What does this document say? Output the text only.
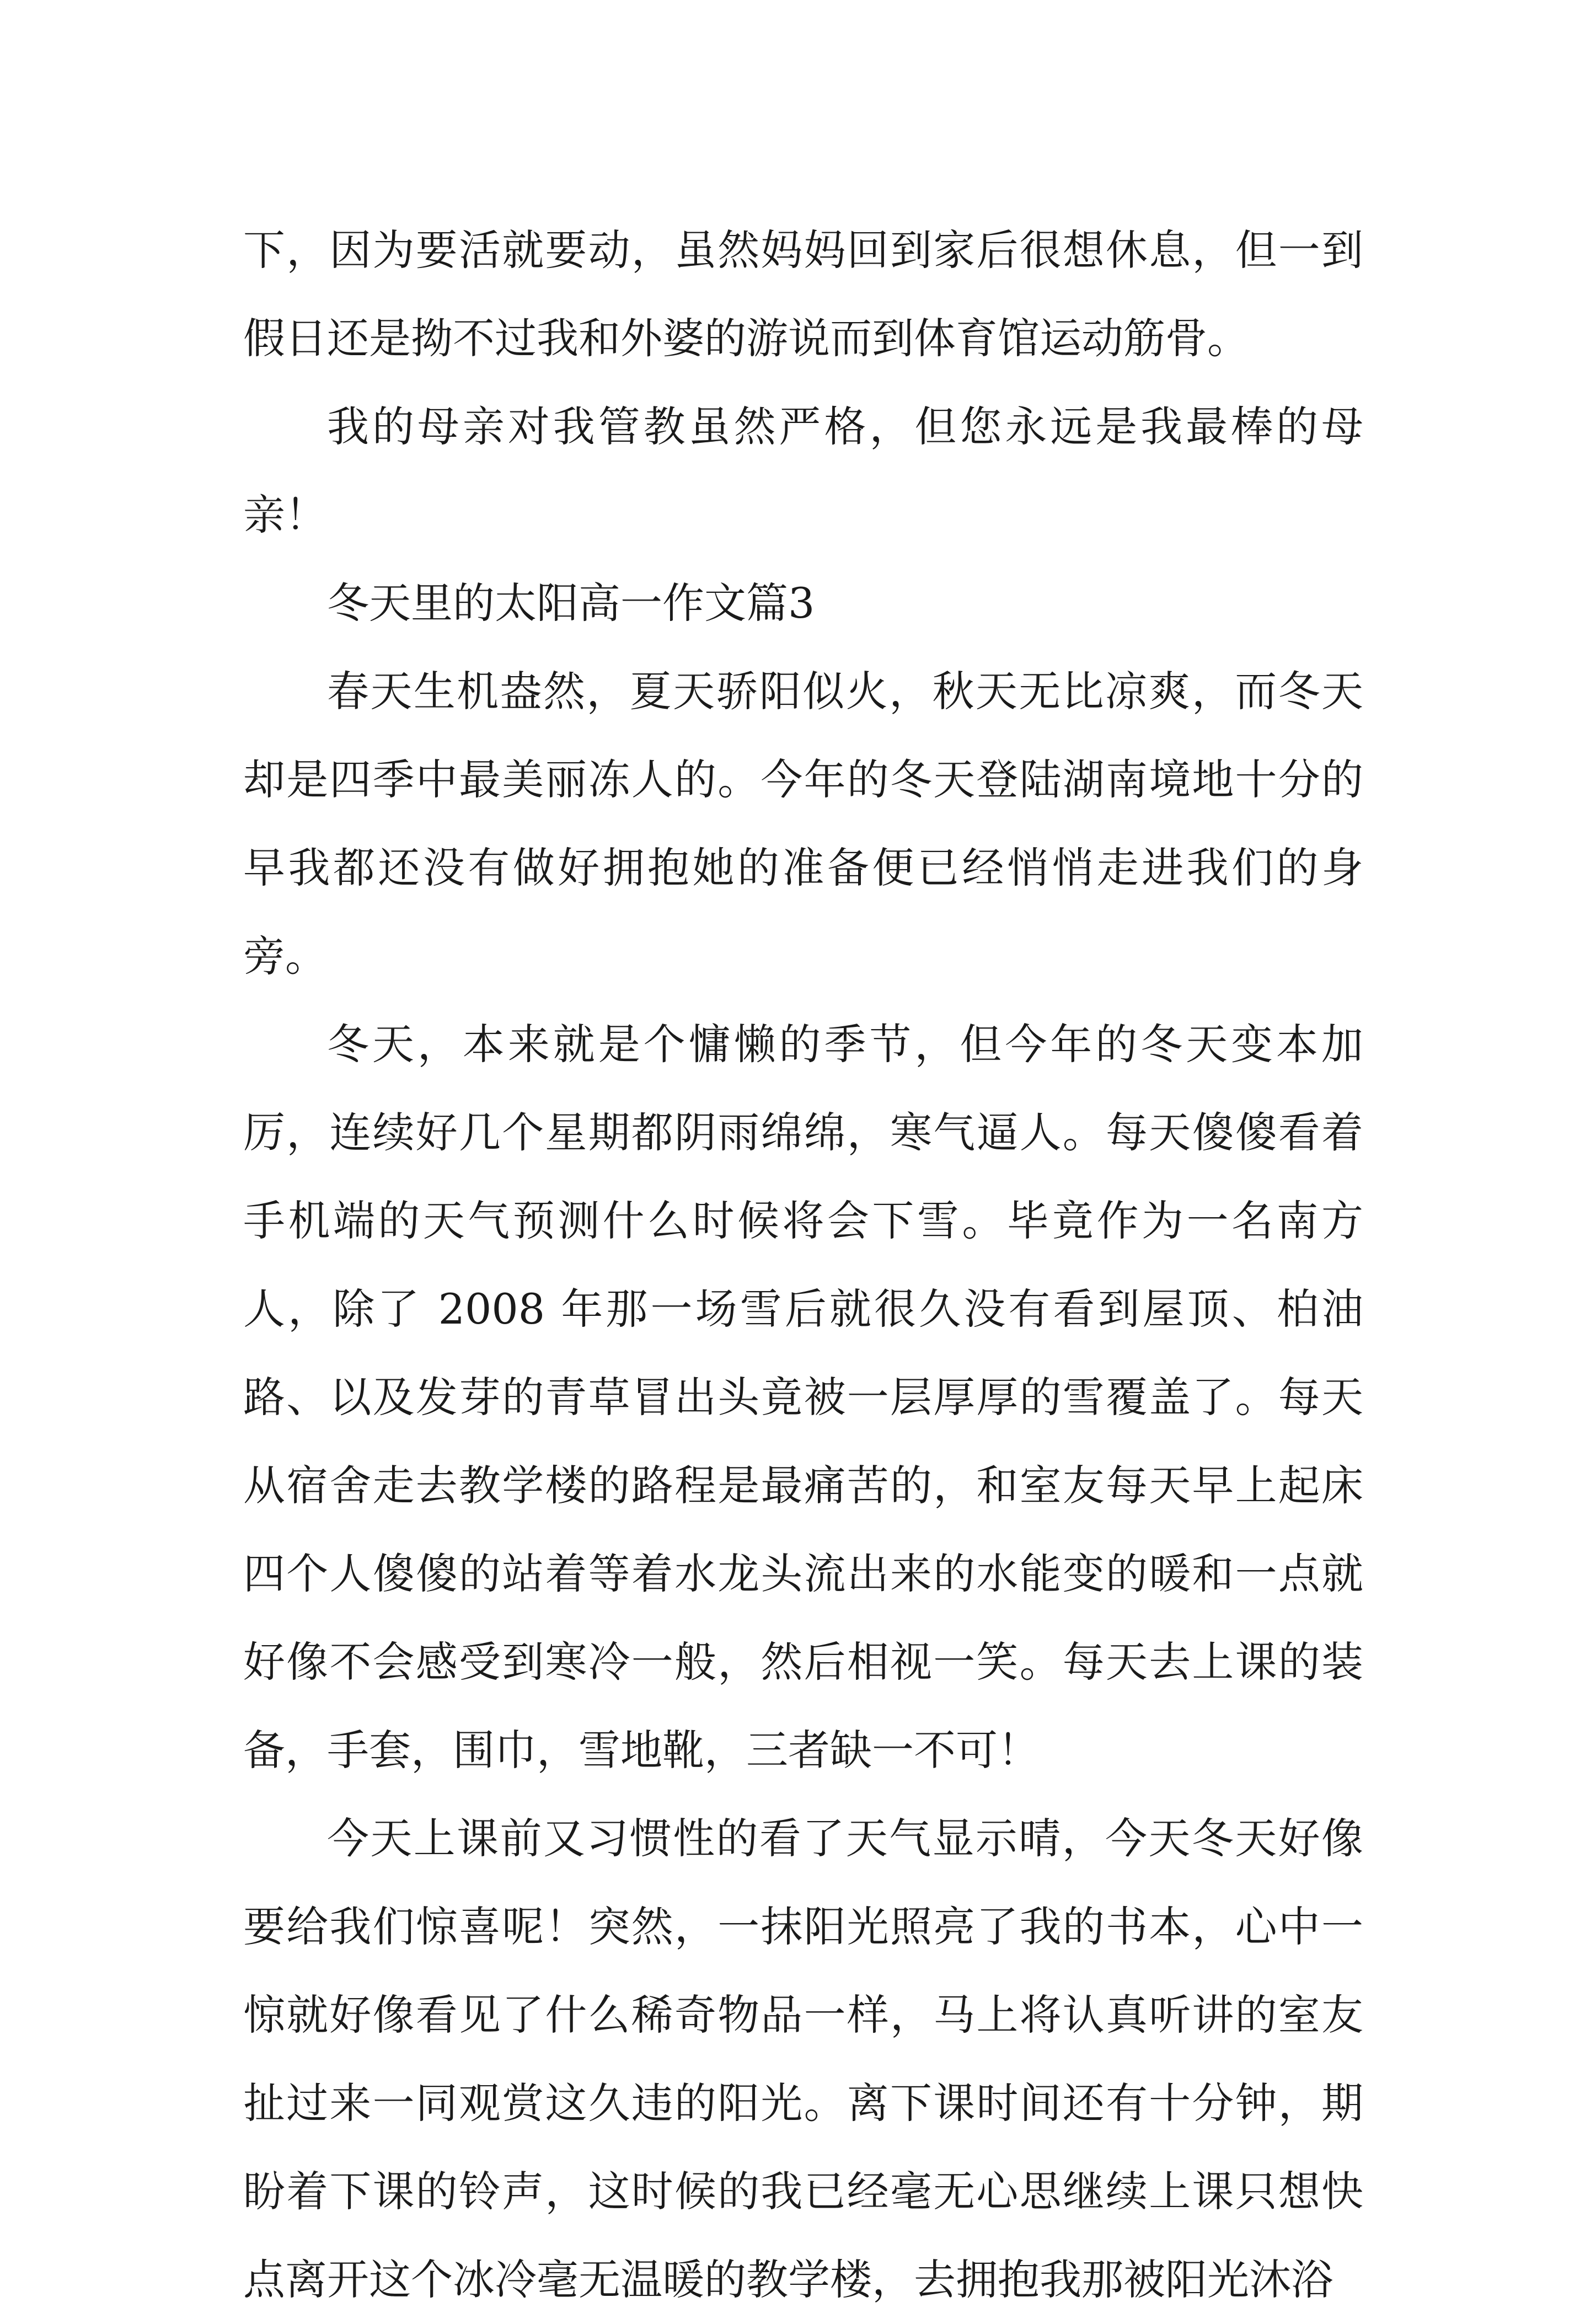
下，因为要活就要动，虽然妈妈回到家后很想休息，但一到假日还是拗不过我和外婆的游说而到体育馆运动筋骨。

我的母亲对我管教虽然严格，但您永远是我最棒的母亲！

冬天里的太阳高一作文篇3

春天生机盎然，夏天骄阳似火，秋天无比凉爽，而冬天却是四季中最美丽冻人的。今年的冬天登陆湖南境地十分的早我都还没有做好拥抱她的准备便已经悄悄走进我们的身旁。

冬天，本来就是个慵懒的季节，但今年的冬天变本加厉，连续好几个星期都阴雨绵绵，寒气逼人。每天傻傻看着手机端的天气预测什么时候将会下雪。毕竟作为一名南方人，除了 2008 年那一场雪后就很久没有看到屋顶、柏油路、以及发芽的青草冒出头竟被一层厚厚的雪覆盖了。每天从宿舍走去教学楼的路程是最痛苦的，和室友每天早上起床四个人傻傻的站着等着水龙头流出来的水能变的暖和一点就好像不会感受到寒冷一般，然后相视一笑。每天去上课的装备，手套，围巾，雪地靴，三者缺一不可！

今天上课前又习惯性的看了天气显示晴，今天冬天好像要给我们惊喜呢！突然，一抹阳光照亮了我的书本，心中一惊就好像看见了什么稀奇物品一样，马上将认真听讲的室友扯过来一同观赏这久违的阳光。离下课时间还有十分钟，期盼着下课的铃声，这时候的我已经毫无心思继续上课只想快点离开这个冰冷毫无温暖的教学楼，去拥抱我那被阳光沐浴
